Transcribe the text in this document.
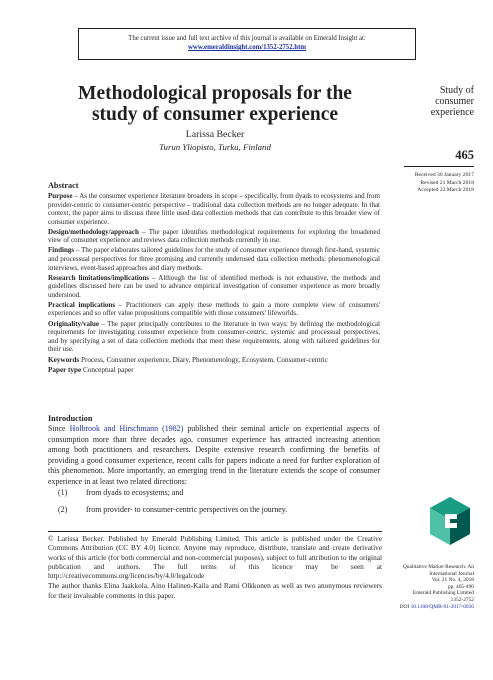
The current issue and full text archive of this journal is available on Emerald Insight at:
www.emeraldinsight.com/1352-2752.htm
Methodological proposals for the
study of consumer experience
Larissa Becker
Turun Yliopisto, Turku, Finland
Study of
consumer
experience
465
Received 30 January 2017
Revised 21 March 2018
Accepted 22 March 2018
Abstract
Purpose – As the consumer experience literature broadens in scope – specifically, from dyads to ecosystems and from provider-centric to consumer-centric perspective – traditional data collection methods are no longer adequate. In that context, the paper aims to discuss three little used data collection methods that can contribute to this broader view of consumer experience.
Design/methodology/approach – The paper identifies methodological requirements for exploring the broadened view of consumer experience and reviews data collection methods currently in use.
Findings – The paper elaborates tailored guidelines for the study of consumer experience through first-hand, systemic and processual perspectives for three promising and currently underused data collection methods: phenomenological interviews, event-based approaches and diary methods.
Research limitations/implications – Although the list of identified methods is not exhaustive, the methods and guidelines discussed here can be used to advance empirical investigation of consumer experience as more broadly understood.
Practical implications – Practitioners can apply these methods to gain a more complete view of consumers' experiences and so offer value propositions compatible with those consumers' lifeworlds.
Originality/value – The paper principally contributes to the literature in two ways: by defining the methodological requirements for investigating consumer experience from consumer-centric, systemic and processual perspectives, and by specifying a set of data collection methods that meet these requirements, along with tailored guidelines for their use.
Keywords Process, Consumer experience, Diary, Phenomenology, Ecosystem, Consumer-centric
Paper type Conceptual paper
Introduction
Since Holbrook and Hirschmann (1982) published their seminal article on experiential aspects of consumption more than three decades ago, consumer experience has attracted increasing attention among both practitioners and researchers. Despite extensive research confirming the benefits of providing a good consumer experience, recent calls for papers indicate a need for further exploration of this phenomenon. More importantly, an emerging trend in the literature extends the scope of consumer experience in at least two related directions:
(1)	from dyads to ecosystems; and
(2)	from provider- to consumer-centric perspectives on the journey.

© Larissa Becker. Published by Emerald Publishing Limited. This article is published under the Creative Commons Attribution (CC BY 4.0) licence. Anyone may reproduce, distribute, translate and create derivative works of this article (for both commercial and non-commercial purposes), subject to full attribution to the original publication and authors. The full terms of this licence may be seen at http://creativecommons.org/licences/by/4.0/legalcode

The author thanks Elina Jaakkola, Aino Halinen-Kaila and Rami Olkkonen as well as two anonymous reviewers for their invaluable comments in this paper.

Qualitative Market Research: An
International Journal
Vol. 21 No. 4, 2018
pp. 465-490
Emerald Publishing Limited
1352-2752
DOI 10.1108/QMR-01-2017-0036
